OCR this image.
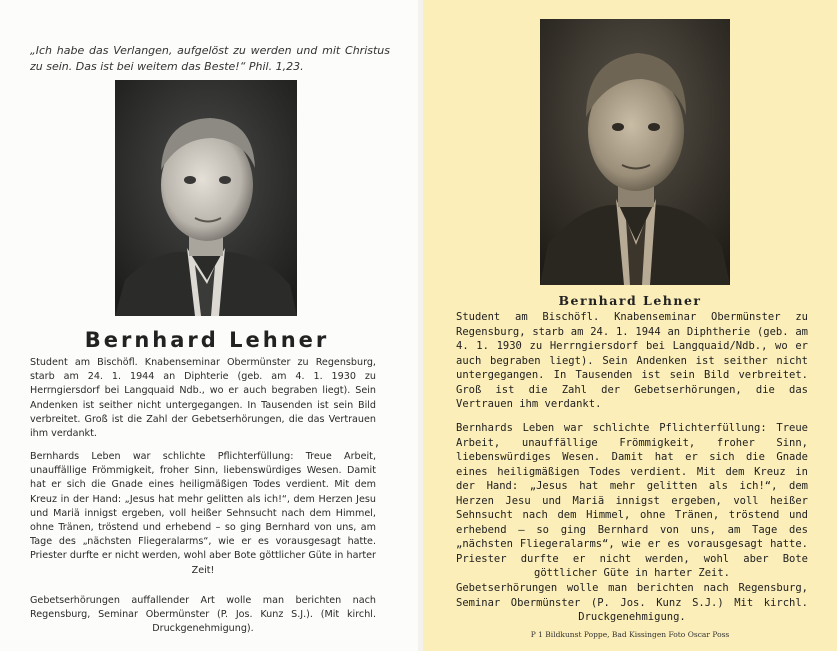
„Ich habe das Verlangen, aufgelöst zu werden und mit Christus zu sein. Das ist bei weitem das Beste!“ Phil. 1,23.
Bernhard Lehner

Student am Bischöfl. Knabenseminar Obermünster zu Regensburg, starb am 24. 1. 1944 an Diphterie (geb. am 4. 1. 1930 zu Herrngiersdorf bei Langquaid Ndb., wo er auch begraben liegt). Sein Andenken ist seither nicht untergegangen. In Tausenden ist sein Bild verbreitet. Groß ist die Zahl der Gebetserhörungen, die das Vertrauen ihm verdankt.

Bernhards Leben war schlichte Pflichterfüllung: Treue Arbeit, unauffällige Frömmigkeit, froher Sinn, liebenswürdiges Wesen. Damit hat er sich die Gnade eines heiligmäßigen Todes verdient. Mit dem Kreuz in der Hand: „Jesus hat mehr gelitten als ich!“, dem Herzen Jesu und Mariä innigst ergeben, voll heißer Sehnsucht nach dem Himmel, ohne Tränen, tröstend und erhebend – so ging Bernhard von uns, am Tage des „nächsten Fliegeralarms“, wie er es vorausgesagt hatte. Priester durfte er nicht werden, wohl aber Bote göttlicher Güte in harter Zeit!

Gebetserhörungen auffallender Art wolle man berichten nach Regensburg, Seminar Obermünster (P. Jos. Kunz S.J.). (Mit kirchl. Druckgenehmigung).

Bernhard Lehner

Student am Bischöfl. Knabenseminar Obermünster zu Regensburg, starb am 24. 1. 1944 an Diphtherie (geb. am 4. 1. 1930 zu Herrngiersdorf bei Langquaid/Ndb., wo er auch begraben liegt). Sein Andenken ist seither nicht untergegangen. In Tausenden ist sein Bild verbreitet. Groß ist die Zahl der Gebetserhörungen, die das Vertrauen ihm verdankt.

Bernhards Leben war schlichte Pflichterfüllung: Treue Arbeit, unauffällige Frömmigkeit, froher Sinn, liebenswürdiges Wesen. Damit hat er sich die Gnade eines heiligmäßigen Todes verdient. Mit dem Kreuz in der Hand: „Jesus hat mehr gelitten als ich!“, dem Herzen Jesu und Mariä innigst ergeben, voll heißer Sehnsucht nach dem Himmel, ohne Tränen, tröstend und erhebend – so ging Bernhard von uns, am Tage des „nächsten Fliegeralarms“, wie er es vorausgesagt hatte. Priester durfte er nicht werden, wohl aber Bote göttlicher Güte in harter Zeit.

Gebetserhörungen wolle man berichten nach Regensburg, Seminar Obermünster (P. Jos. Kunz S.J.) Mit kirchl. Druckgenehmigung.

P 1 Bildkunst Poppe, Bad Kissingen Foto Oscar Poss
